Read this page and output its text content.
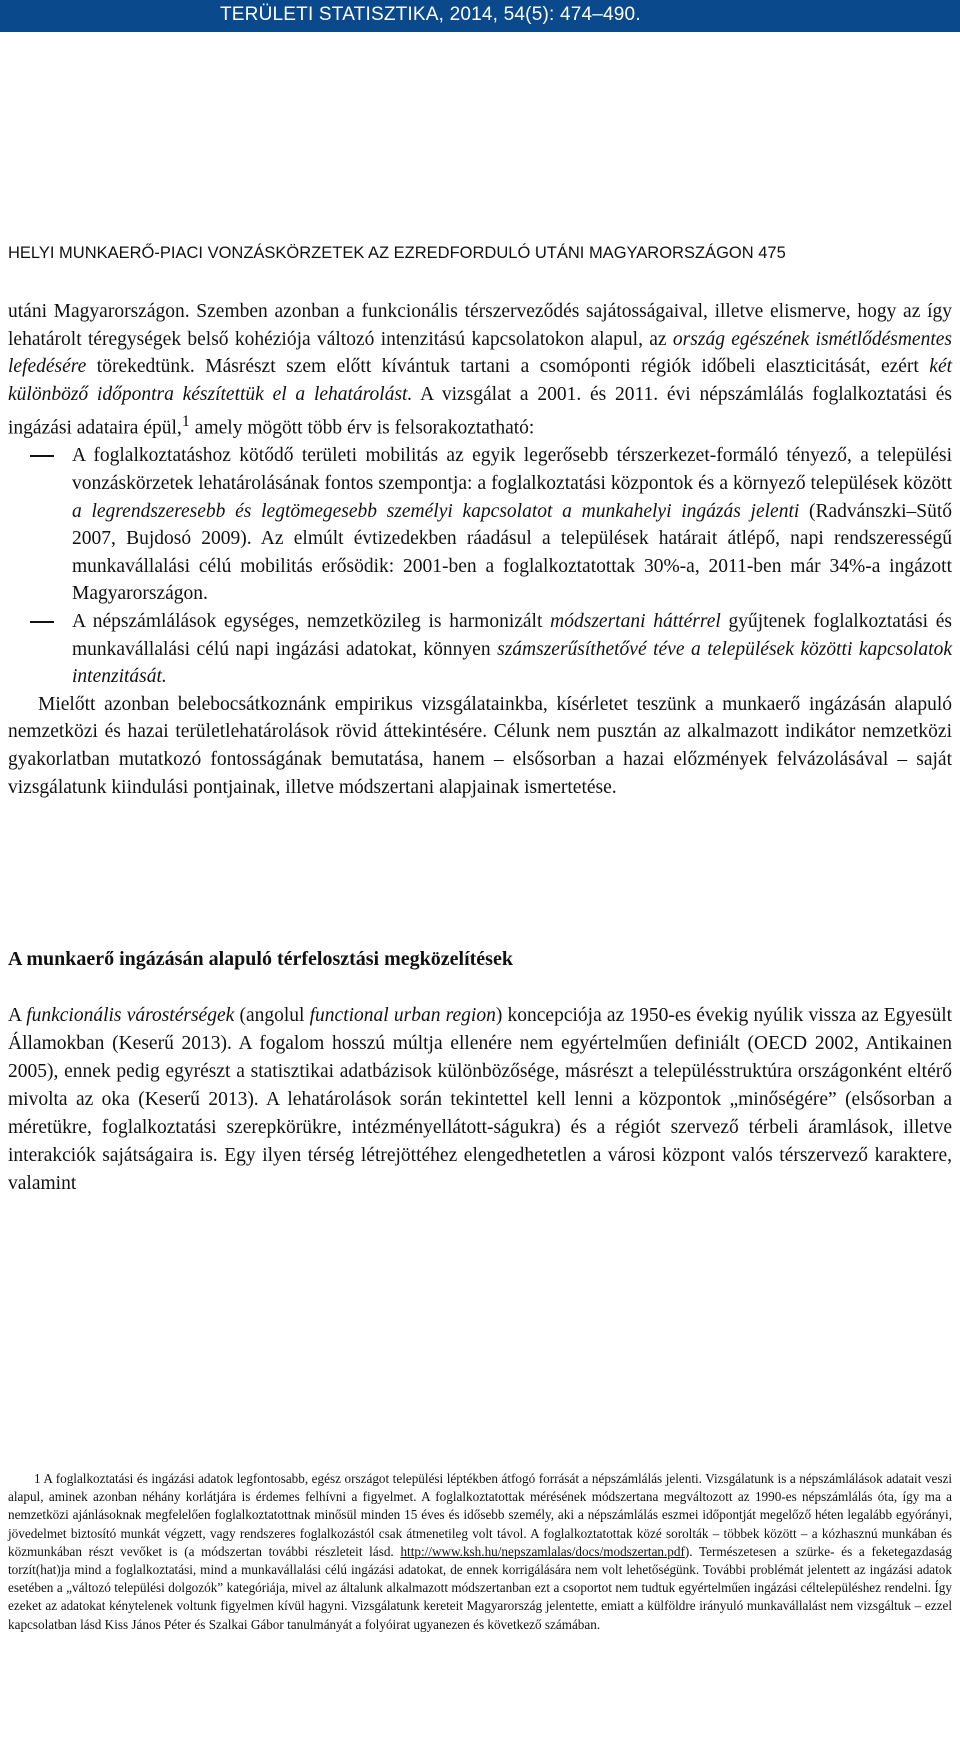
TERÜLETI STATISZTIKA, 2014, 54(5): 474–490.
HELYI MUNKAERŐ-PIACI VONZÁSKÖRZETEK AZ EZREDFORDULÓ UTÁNI MAGYARORSZÁGON 475

utáni Magyarországon. Szemben azonban a funkcionális térszerveződés sajátosságaival, illetve elismerve, hogy az így lehatárolt téregységek belső kohéziója változó intenzitású kapcsolatokon alapul, az ország egészének ismétlődésmentes lefedésére törekedtünk. Másrészt szem előtt kívántuk tartani a csomóponti régiók időbeli elaszticitását, ezért két különböző időpontra készítettük el a lehatárolást. A vizsgálat a 2001. és 2011. évi népszámlálás foglalkoztatási és ingázási adataira épül,$^1$ amely mögött több érv is felsorakoztatható:

A foglalkoztatáshoz kötődő területi mobilitás az egyik legerősebb térszerkezet-formáló tényező, a települési vonzáskörzetek lehatárolásának fontos szempontja: a foglalkoztatási központok és a környező települések között a legrendszeresebb és legtömegesebb személyi kapcsolatot a munkahelyi ingázás jelenti (Radvánszki–Sütő 2007, Bujdosó 2009). Az elmúlt évtizedekben ráadásul a települések határait átlépő, napi rendszerességű munkavállalási célú mobilitás erősödik: 2001-ben a foglalkoztatottak 30%-a, 2011-ben már 34%-a ingázott Magyarországon.

A népszámlálások egységes, nemzetközileg is harmonizált módszertani háttérrel gyűjtenek foglalkoztatási és munkavállalási célú napi ingázási adatokat, könnyen számszerűsíthetővé téve a települések közötti kapcsolatok intenzitását.

Mielőtt azonban belebocsátkoznánk empirikus vizsgálatainkba, kísérletet teszünk a munkaerő ingázásán alapuló nemzetközi és hazai területlehatárolások rövid áttekintésére. Célunk nem pusztán az alkalmazott indikátor nemzetközi gyakorlatban mutatkozó fontosságának bemutatása, hanem – elsősorban a hazai előzmények felvázolásával – saját vizsgálatunk kiindulási pontjainak, illetve módszertani alapjainak ismertetése.

A munkaerő ingázásán alapuló térfelosztási megközelítések

A funkcionális várostérségek (angolul functional urban region) koncepciója az 1950-es évekig nyúlik vissza az Egyesült Államokban (Keserű 2013). A fogalom hosszú múltja ellenére nem egyértelműen definiált (OECD 2002, Antikainen 2005), ennek pedig egyrészt a statisztikai adatbázisok különbözősége, másrészt a településstruktúra országonként eltérő mivolta az oka (Keserű 2013). A lehatárolások során tekintettel kell lenni a központok „minőségére” (elsősorban a méretükre, foglalkoztatási szerepkörükre, intézményellátott-ságukra) és a régiót szervező térbeli áramlások, illetve interakciók sajátságaira is. Egy ilyen térség létrejöttéhez elengedhetetlen a városi központ valós térszervező karaktere, valamint

1 A foglalkoztatási és ingázási adatok legfontosabb, egész országot települési léptékben átfogó forrását a népszámlálás jelenti. Vizsgálatunk is a népszámlálások adatait veszi alapul, aminek azonban néhány korlátjára is érdemes felhívni a figyelmet. A foglalkoztatottak mérésének módszertana megváltozott az 1990-es népszámlálás óta, így ma a nemzetközi ajánlásoknak megfelelően foglalkoztatottnak minősül minden 15 éves és idősebb személy, aki a népszámlálás eszmei időpontját megelőző héten legalább egyórányi, jövedelmet biztosító munkát végzett, vagy rendszeres foglalkozástól csak átmenetileg volt távol. A foglalkoztatottak közé sorolták – többek között – a kózhasznú munkában és közmunkában részt vevőket is (a módszertan további részleteit lásd. http://www.ksh.hu/nepszamlalas/docs/modszertan.pdf). Természetesen a szürke- és a feketegazdaság torzít(hat)ja mind a foglalkoztatási, mind a munkavállalási célú ingázási adatokat, de ennek korrigálására nem volt lehetőségünk. További problémát jelentett az ingázási adatok esetében a „változó települési dolgozók” kategóriája, mivel az általunk alkalmazott módszertanban ezt a csoportot nem tudtuk egyértelműen ingázási céltelepüléshez rendelni. Így ezeket az adatokat kénytelenek voltunk figyelmen kívül hagyni. Vizsgálatunk kereteit Magyarország jelentette, emiatt a külföldre irányuló munkavállalást nem vizsgáltuk – ezzel kapcsolatban lásd Kiss János Péter és Szalkai Gábor tanulmányát a folyóirat ugyanezen és következő számában.
